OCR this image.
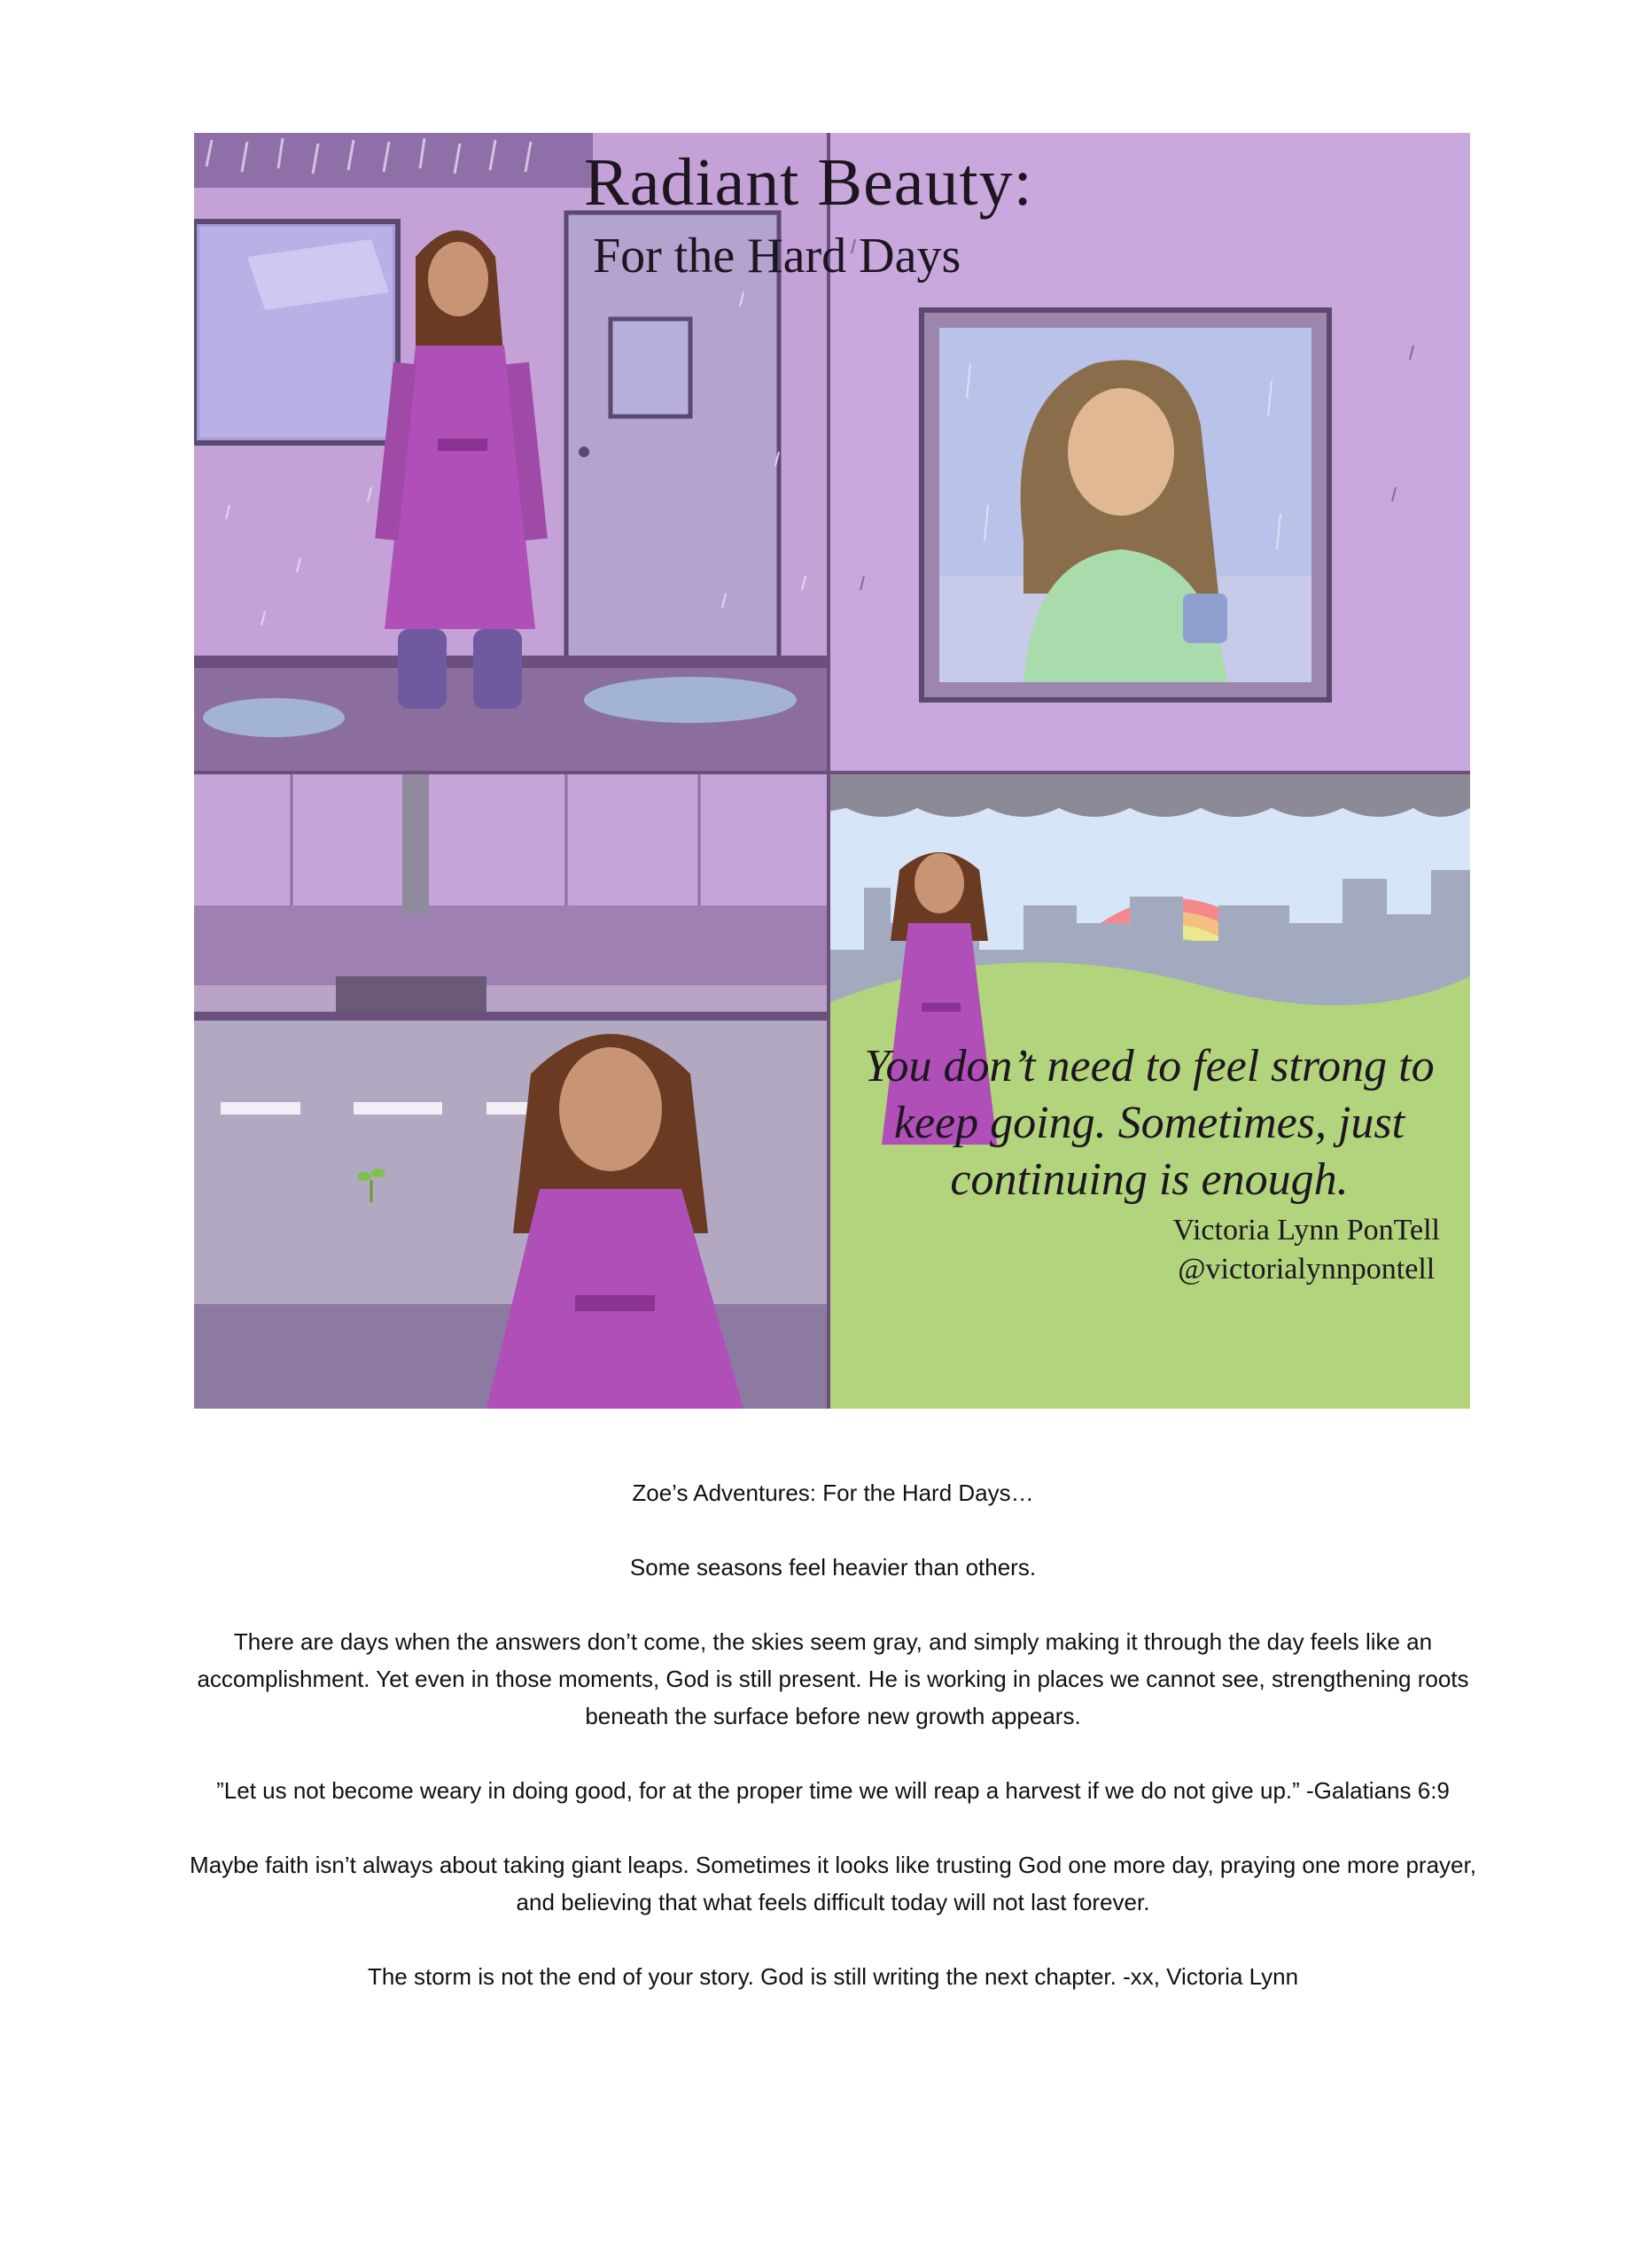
You don’t need to feel strong to keep going. Sometimes, just continuing is enough.
Victoria Lynn PonTell
@victorialynnpontell
Radiant Beauty:
For the Hard Days

Zoe’s Adventures: For the Hard Days…

Some seasons feel heavier than others.

There are days when the answers don’t come, the skies seem gray, and simply making it through the day feels like an accomplishment. Yet even in those moments, God is still present. He is working in places we cannot see, strengthening roots beneath the surface before new growth appears.

”Let us not become weary in doing good, for at the proper time we will reap a harvest if we do not give up.” -Galatians 6:9

Maybe faith isn’t always about taking giant leaps. Sometimes it looks like trusting God one more day, praying one more prayer, and believing that what feels difficult today will not last forever.

The storm is not the end of your story. God is still writing the next chapter. -xx, Victoria Lynn
